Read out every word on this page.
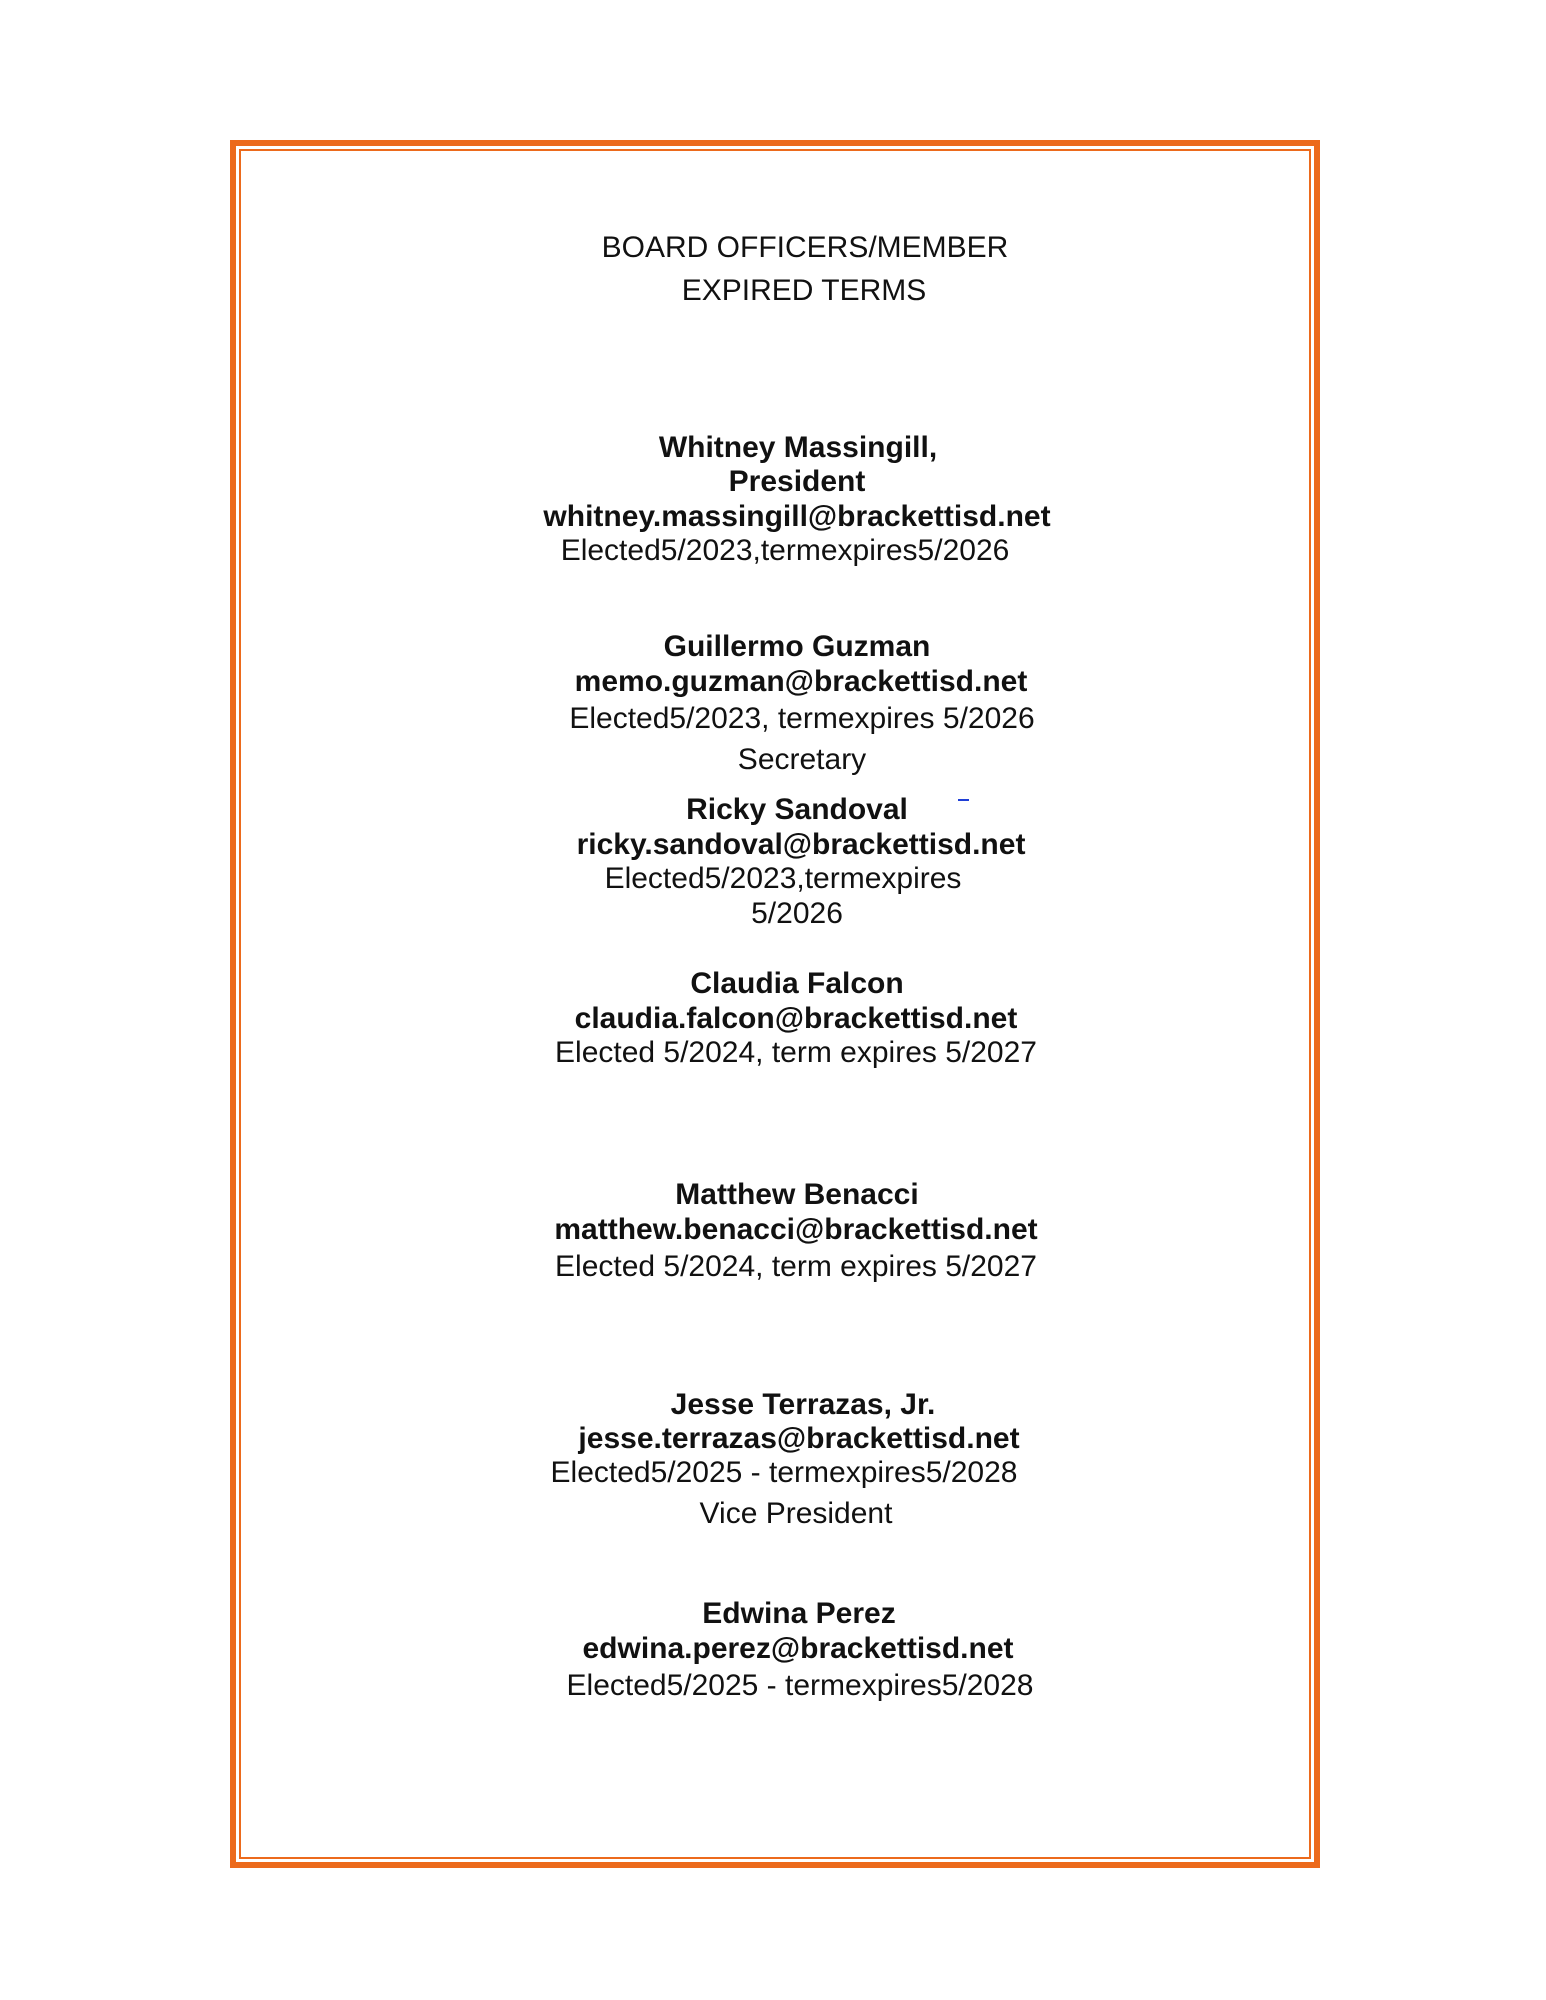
BOARD OFFICERS/MEMBER
EXPIRED TERMS
Whitney Massingill,
President
whitney.massingill@brackettisd.net
Elected5/2023,termexpires5/2026
Guillermo Guzman
memo.guzman@brackettisd.net
Elected5/2023, termexpires 5/2026
Secretary
Ricky Sandoval
ricky.sandoval@brackettisd.net
Elected5/2023,termexpires
5/2026
Claudia Falcon
claudia.falcon@brackettisd.net
Elected 5/2024, term expires 5/2027
Matthew Benacci
matthew.benacci@brackettisd.net
Elected 5/2024, term expires 5/2027
Jesse Terrazas, Jr.
jesse.terrazas@brackettisd.net
Elected5/2025 - termexpires5/2028
Vice President
Edwina Perez
edwina.perez@brackettisd.net
Elected5/2025 - termexpires5/2028
